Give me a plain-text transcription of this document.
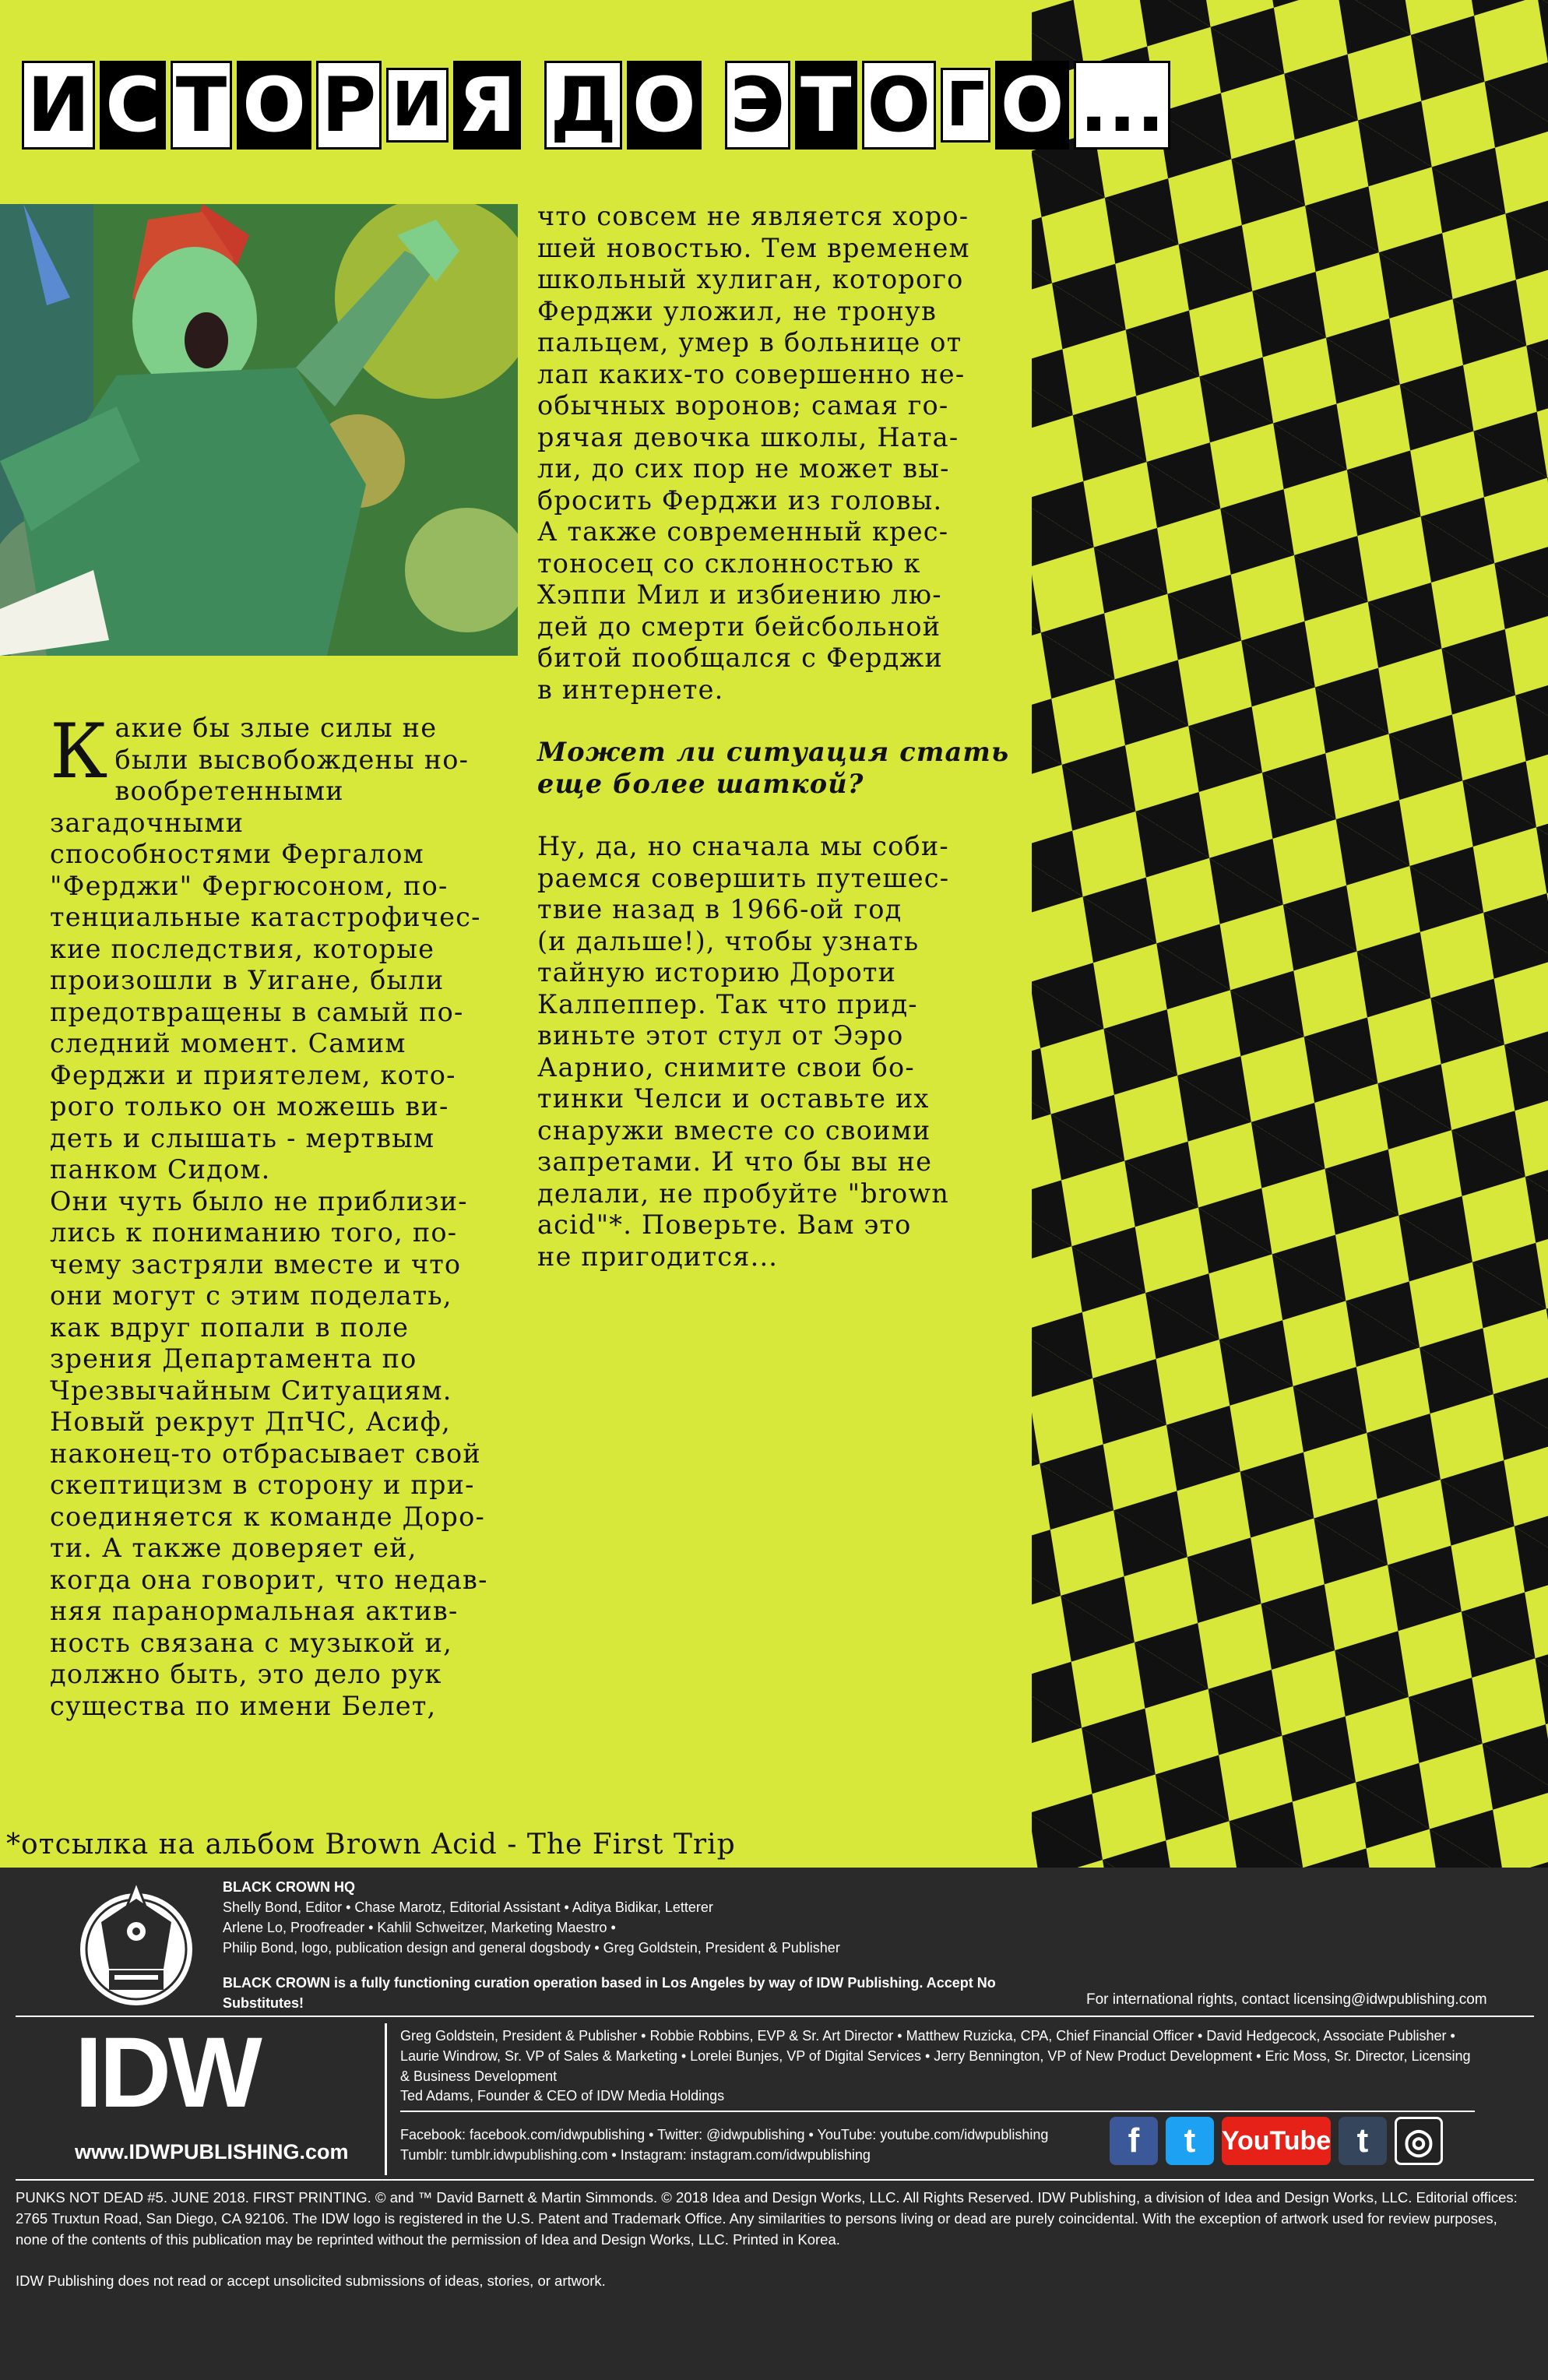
И С Т О Р И Я Д О Э Т О Г О ...

что совсем не является хоро-
шей новостью. Тем временем
школьный хулиган, которого
Ферджи уложил, не тронув
пальцем, умер в больнице от
лап каких-то совершенно не-
обычных воронов; самая го-
рячая девочка школы, Ната-
ли, до сих пор не может вы-
бросить Ферджи из головы.
А также современный крес-
тоносец со склонностью к
Хэппи Мил и избиению лю-
дей до смерти бейсбольной
битой пообщался с Ферджи
в интернете.

Может ли ситуация стать
еще более шаткой?

Ну, да, но сначала мы соби-
раемся совершить путешес-
твие назад в 1966-ой год
(и дальше!), чтобы узнать
тайную историю Дороти
Калпеппер. Так что прид-
виньте этот стул от Ээро
Аарнио, снимите свои бо-
тинки Челси и оставьте их
снаружи вместе со своими
запретами. И что бы вы не
делали, не пробуйте "brown
acid"*. Поверьте. Вам это
не пригодится...

К акие бы злые силы не
были высвобождены но-
вообретенными загадочными
способностями Фергалом
"Ферджи" Фергюсоном, по-
тенциальные катастрофичес-
кие последствия, которые
произошли в Уигане, были
предотвращены в самый по-
следний момент. Самим
Ферджи и приятелем, кото-
рого только он можешь ви-
деть и слышать - мертвым
панком Сидом.

Они чуть было не приблизи-
лись к пониманию того, по-
чему застряли вместе и что
они могут с этим поделать,
как вдруг попали в поле
зрения Департамента по
Чрезвычайным Ситуациям.
Новый рекрут ДпЧС, Асиф,
наконец-то отбрасывает свой
скептицизм в сторону и при-
соединяется к команде Доро-
ти. А также доверяет ей,
когда она говорит, что недав-
няя паранормальная актив-
ность связана с музыкой и,
должно быть, это дело рук
существа по имени Белет,

*отсылка на альбом Brown Acid - The First Trip
BLACK CROWN HQ
Shelly Bond, Editor • Chase Marotz, Editorial Assistant • Aditya Bidikar, Letterer
Arlene Lo, Proofreader • Kahlil Schweitzer, Marketing Maestro •
Philip Bond, logo, publication design and general dogsbody • Greg Goldstein, President & Publisher
BLACK CROWN is a fully functioning curation operation based in Los Angeles by way of IDW Publishing. Accept No Substitutes!	For international rights, contact licensing@idwpublishing.com
IDW
www.IDWPUBLISHING.com
Greg Goldstein, President & Publisher • Robbie Robbins, EVP & Sr. Art Director • Matthew Ruzicka, CPA, Chief Financial Officer • David Hedgecock, Associate Publisher • Laurie Windrow, Sr. VP of Sales & Marketing • Lorelei Bunjes, VP of Digital Services • Jerry Bennington, VP of New Product Development • Eric Moss, Sr. Director, Licensing & Business Development
Ted Adams, Founder & CEO of IDW Media Holdings
Facebook: facebook.com/idwpublishing • Twitter: @idwpublishing • YouTube: youtube.com/idwpublishing
Tumblr: tumblr.idwpublishing.com • Instagram: instagram.com/idwpublishing	f	t YouTube t	◎
PUNKS NOT DEAD #5. JUNE 2018. FIRST PRINTING. © and ™ David Barnett & Martin Simmonds. © 2018 Idea and Design Works, LLC. All Rights Reserved. IDW Publishing, a division of Idea and Design Works, LLC. Editorial offices: 2765 Truxtun Road, San Diego, CA 92106. The IDW logo is registered in the U.S. Patent and Trademark Office. Any similarities to persons living or dead are purely coincidental. With the exception of artwork used for review purposes, none of the contents of this publication may be reprinted without the permission of Idea and Design Works, LLC. Printed in Korea.
IDW Publishing does not read or accept unsolicited submissions of ideas, stories, or artwork.
